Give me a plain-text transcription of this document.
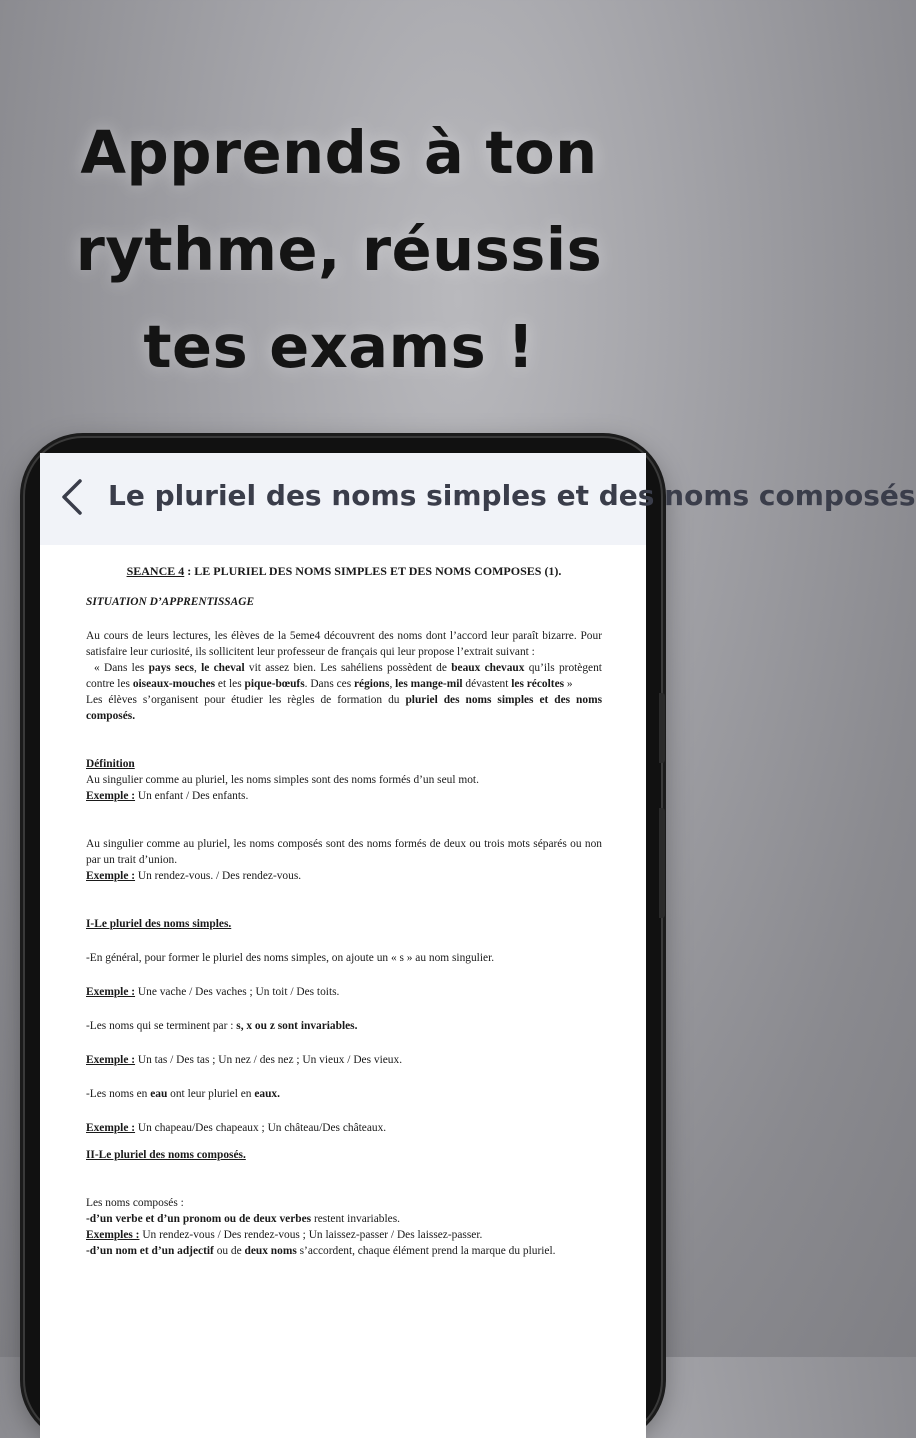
Apprends à ton
rythme, réussis
tes exams !
Le pluriel des noms simples et des noms composés

SEANCE 4 : LE PLURIEL DES NOMS SIMPLES ET DES NOMS COMPOSES (1).

SITUATION D’APPRENTISSAGE

Au cours de leurs lectures, les élèves de la 5eme4 découvrent des noms dont l’accord leur paraît bizarre. Pour satisfaire leur curiosité, ils sollicitent leur professeur de français qui leur propose l’extrait suivant :

« Dans les pays secs, le cheval vit assez bien. Les sahéliens possèdent de beaux chevaux qu’ils protègent contre les oiseaux-mouches et les pique-bœufs. Dans ces régions, les mange-mil dévastent les récoltes »

Les élèves s’organisent pour étudier les règles de formation du pluriel des noms simples et des noms composés.

Définition

Au singulier comme au pluriel, les noms simples sont des noms formés d’un seul mot.

Exemple : Un enfant / Des enfants.

Au singulier comme au pluriel, les noms composés sont des noms formés de deux ou trois mots séparés ou non par un trait d’union.

Exemple : Un rendez-vous. / Des rendez-vous.

I-Le pluriel des noms simples.

-En général, pour former le pluriel des noms simples, on ajoute un « s » au nom singulier.

Exemple : Une vache / Des vaches ; Un toit / Des toits.

-Les noms qui se terminent par : s, x ou z sont invariables.

Exemple : Un tas / Des tas ; Un nez / des nez ; Un vieux / Des vieux.

-Les noms en eau ont leur pluriel en eaux.

Exemple : Un chapeau/Des chapeaux ; Un château/Des châteaux.

II-Le pluriel des noms composés.

Les noms composés :

-d’un verbe et d’un pronom ou de deux verbes restent invariables.

Exemples : Un rendez-vous / Des rendez-vous ; Un laissez-passer / Des laissez-passer.

-d’un nom et d’un adjectif ou de deux noms s’accordent, chaque élément prend la marque du pluriel.
